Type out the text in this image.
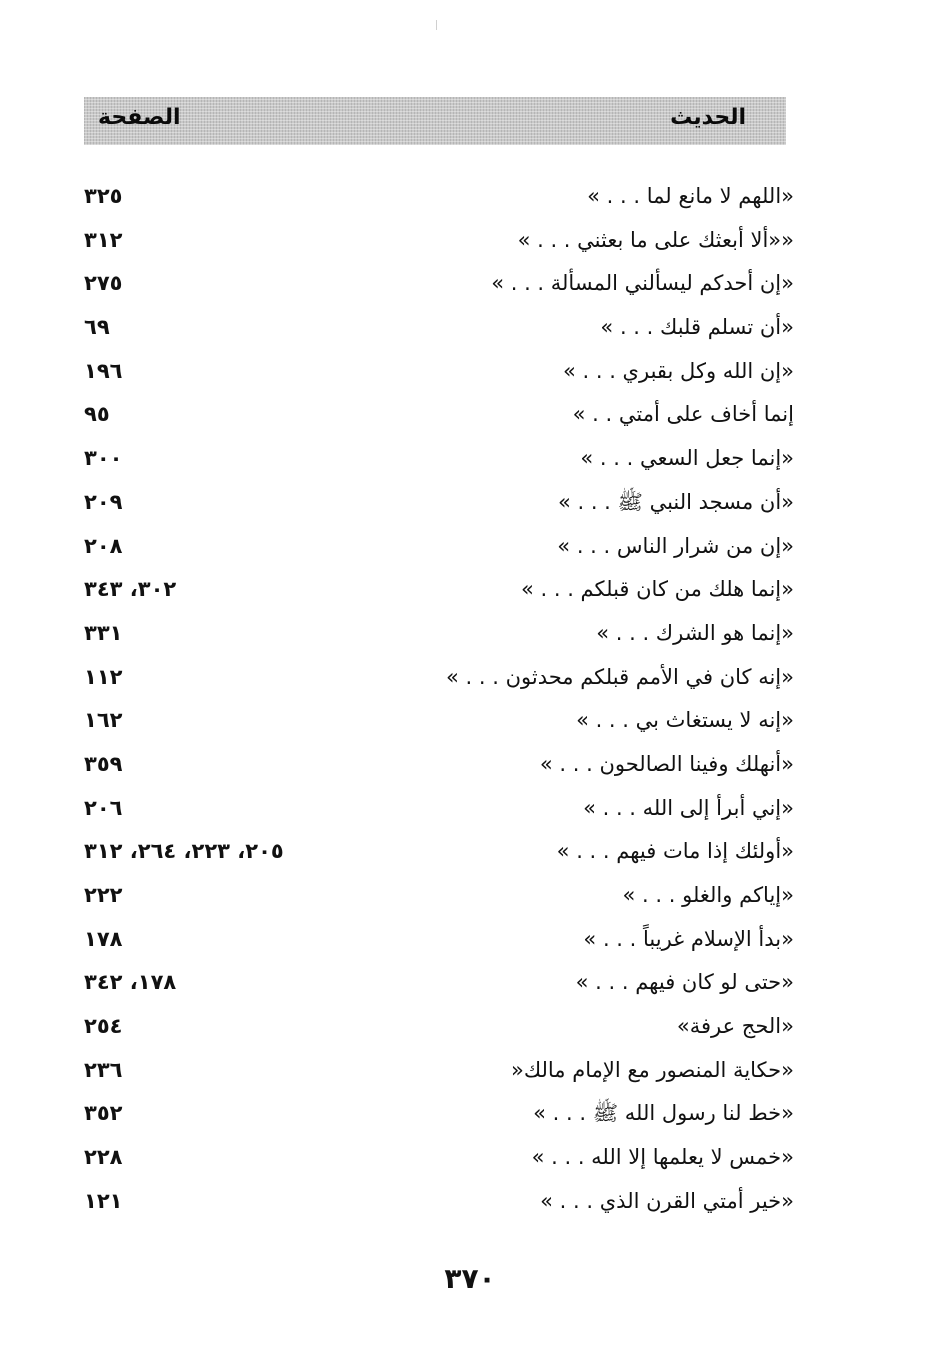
الحديث
الصفحة
«اللهم لا مانع لما . . . »
٣٢٥
««ألا أبعثك على ما بعثني . . . »
٣١٢
«إن أحدكم ليسألني المسألة . . . »
٢٧٥
«أن تسلم قلبك . . . »
٦٩
«إن الله وكل بقبري . . . »
١٩٦
إنما أخاف على أمتي . . »
٩٥
«إنما جعل السعي . . . »
٣٠٠
«أن مسجد النبي ﷺ . . . »
٢٠٩
«إن من شرار الناس . . . »
٢٠٨
«إنما هلك من كان قبلكم . . . »
٣٠٢، ٣٤٣
«إنما هو الشرك . . . »
٣٣١
«إنه كان في الأمم قبلكم محدثون . . . »
١١٢
«إنه لا يستغاث بي . . . »
١٦٢
«أنهلك وفينا الصالحون . . . »
٣٥٩
«إني أبرأ إلى الله . . . »
٢٠٦
«أولئك إذا مات فيهم . . . »
٢٠٥، ٢٢٣، ٢٦٤، ٣١٢
«إياكم والغلو . . . »
٢٢٢
«بدأ الإسلام غريباً . . . »
١٧٨
«حتى لو كان فيهم . . . »
١٧٨، ٣٤٢
«الحج عرفة»
٢٥٤
«حكاية المنصور مع الإمام مالك«
٢٣٦
«خط لنا رسول الله ﷺ . . . »
٣٥٢
«خمس لا يعلمها إلا الله . . . »
٢٢٨
«خير أمتي القرن الذي . . . »
١٢١
٣٧٠
